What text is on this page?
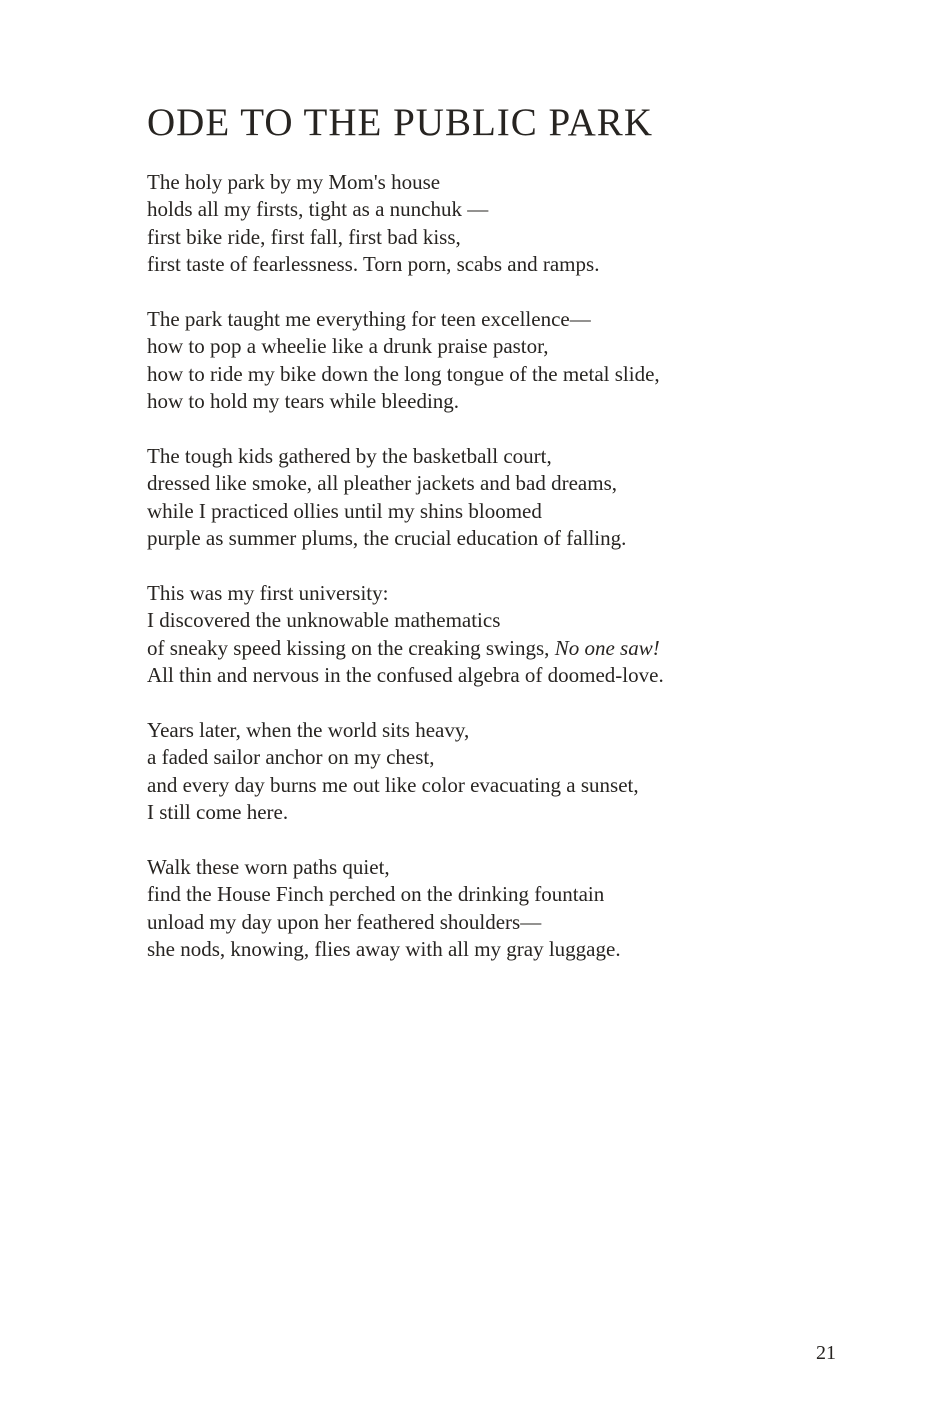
ODE TO THE PUBLIC PARK

The holy park by my Mom's house
holds all my firsts, tight as a nunchuk —
first bike ride, first fall, first bad kiss,
first taste of fearlessness. Torn porn, scabs and ramps.

The park taught me everything for teen excellence—
how to pop a wheelie like a drunk praise pastor,
how to ride my bike down the long tongue of the metal slide,
how to hold my tears while bleeding.

The tough kids gathered by the basketball court,
dressed like smoke, all pleather jackets and bad dreams,
while I practiced ollies until my shins bloomed
purple as summer plums, the crucial education of falling.

This was my first university:
I discovered the unknowable mathematics
of sneaky speed kissing on the creaking swings, No one saw!
All thin and nervous in the confused algebra of doomed-love.

Years later, when the world sits heavy,
a faded sailor anchor on my chest,
and every day burns me out like color evacuating a sunset,
I still come here.

Walk these worn paths quiet,
find the House Finch perched on the drinking fountain
unload my day upon her feathered shoulders—
she nods, knowing, flies away with all my gray luggage.

21
